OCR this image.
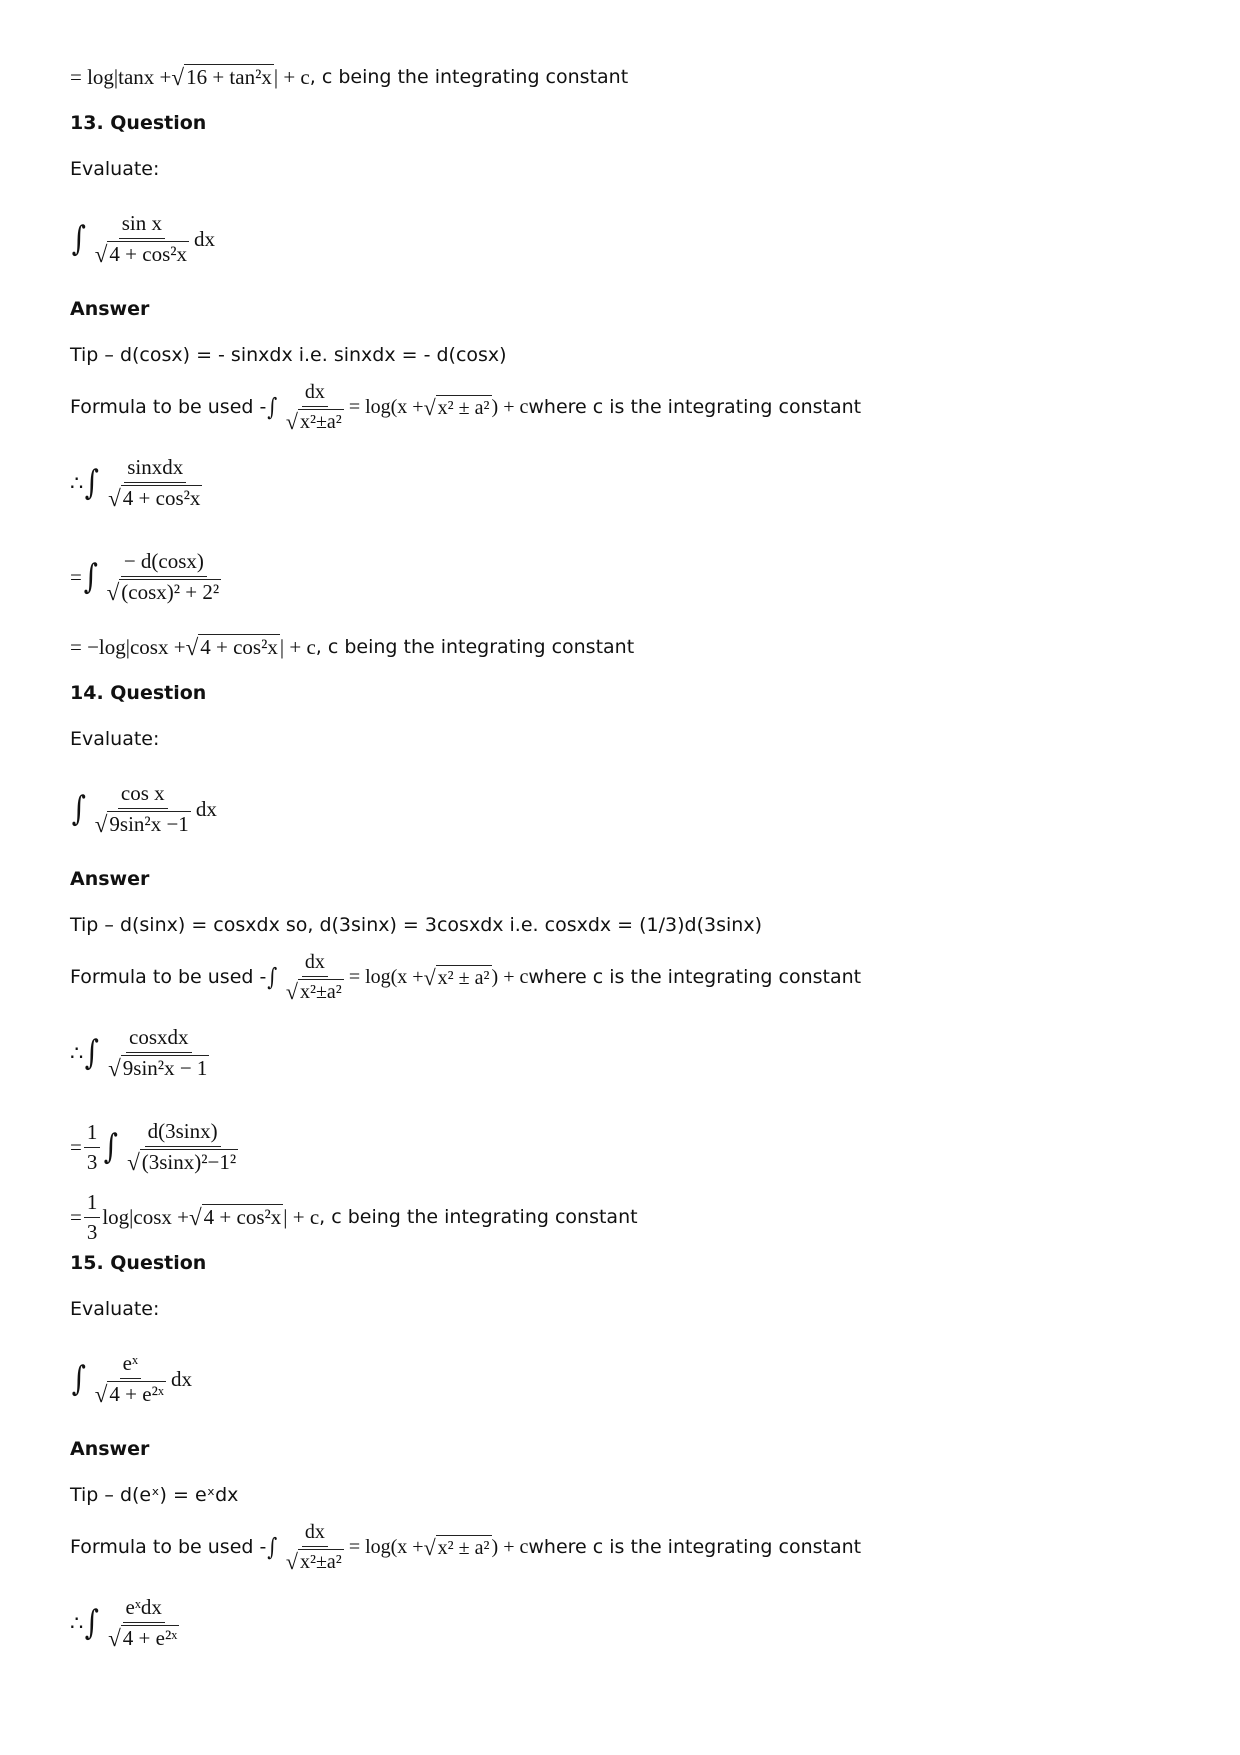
= log|tanx + √ 16 + tan²x | + c , c being the integrating constant
13. Question
Evaluate:
∫ $\frac{\text{sin x}}{\text{√ 4 + cos²x}}$ dx
Answer
Tip – d(cosx) = - sinxdx i.e. sinxdx = - d(cosx)
Formula to be used - ∫ $\frac{dx}{\text{√ x²±a²}} = \log(x$ + √ x² ± a² ) + c where c is the integrating constant
∴ ∫ $\frac{\text{sinxdx}}{\text{√ 4 + cos²x}}$
= ∫ $\frac{- d(\cos x)}{\text{√ (cosx)² + 2²}}$
= −log|cosx + √ 4 + cos²x | + c , c being the integrating constant
14. Question
Evaluate:
∫ $\frac{\text{cos x}}{\text{√ 9sin²x −1}}$ dx
Answer
Tip – d(sinx) = cosxdx so, d(3sinx) = 3cosxdx i.e. cosxdx = (1/3)d(3sinx)
Formula to be used - ∫ $\frac{dx}{\text{√ x²±a²}} = \log(x$ + √ x² ± a² ) + c where c is the integrating constant
∴ ∫ $\frac{\text{cosxdx}}{\text{√ 9sin²x − 1}}$
= $\frac{1}{3}$ ∫ $\frac{d(3\sin x)}{\text{√ (3sinx)²−1²}}$
= $\frac{1}{3} \log|\cos x$ + √ 4 + cos²x | + c , c being the integrating constant
15. Question
Evaluate:
∫ $\frac{\text{eˣ}}{\text{√ 4 + e²ˣ}}$ dx
Answer
Tip – d(eˣ) = eˣdx
Formula to be used - ∫ $\frac{dx}{\text{√ x²±a²}} = \log(x$ + √ x² ± a² ) + c where c is the integrating constant
∴ ∫ $\frac{\text{eˣdx}}{\text{√ 4 + e²ˣ}}$
